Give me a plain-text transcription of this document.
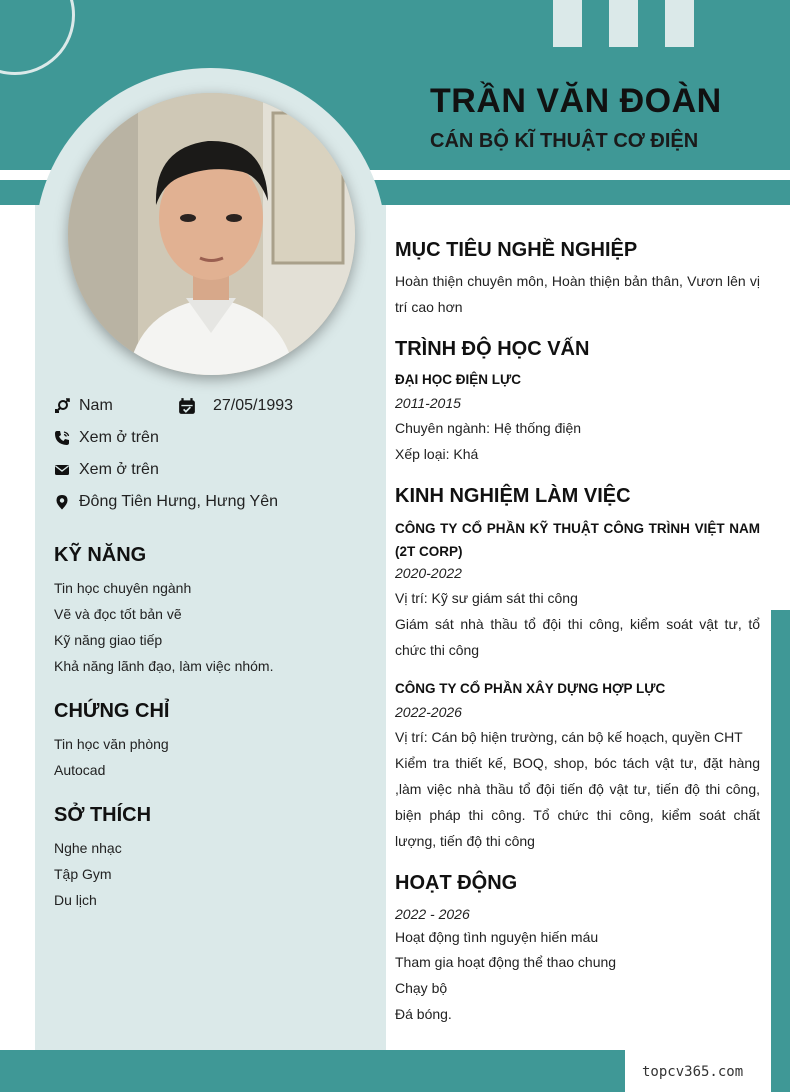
TRẦN VĂN ĐOÀN
CÁN BỘ KĨ THUẬT CƠ ĐIỆN
Nam	27/05/1993
Xem ở trên
Xem ở trên
Đông Tiên Hưng, Hưng Yên
KỸ NĂNG
Tin học chuyên ngành
Vẽ và đọc tốt bản vẽ
Kỹ năng giao tiếp
Khả năng lãnh đạo, làm việc nhóm.
CHỨNG CHỈ
Tin học văn phòng
Autocad
SỞ THÍCH
Nghe nhạc
Tập Gym
Du lịch
MỤC TIÊU NGHỀ NGHIỆP
Hoàn thiện chuyên môn, Hoàn thiện bản thân, Vươn lên vị trí cao hơn
TRÌNH ĐỘ HỌC VẤN
ĐẠI HỌC ĐIỆN LỰC
2011-2015
Chuyên ngành: Hệ thống điện
Xếp loại: Khá
KINH NGHIỆM LÀM VIỆC
CÔNG TY CỔ PHẦN KỸ THUẬT CÔNG TRÌNH VIỆT NAM (2T CORP)
2020-2022
Vị trí: Kỹ sư giám sát thi công
Giám sát nhà thầu tổ đội thi công, kiểm soát vật tư, tổ chức thi công
CÔNG TY CỔ PHẦN XÂY DỰNG HỢP LỰC
2022-2026
Vị trí: Cán bộ hiện trường, cán bộ kế hoạch, quyền CHT
Kiểm tra thiết kế, BOQ, shop, bóc tách vật tư, đặt hàng ,làm việc nhà thầu tổ đội tiến độ vật tư, tiến độ thi công, biện pháp thi công. Tổ chức thi công, kiểm soát chất lượng, tiến độ thi công
HOẠT ĐỘNG
2022 - 2026
Hoạt động tình nguyện hiến máu
Tham gia hoạt động thể thao chung
Chạy bộ
Đá bóng.
topcv365.com
